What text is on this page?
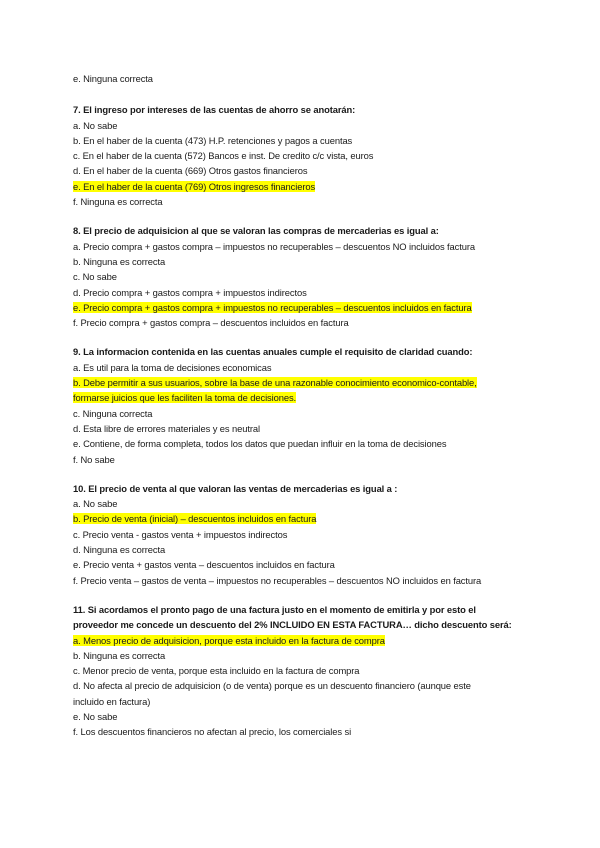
e. Ninguna correcta
7. El ingreso por intereses de las cuentas de ahorro se anotarán:
a. No sabe
b. En el haber de la cuenta (473) H.P. retenciones y pagos a cuentas
c. En el haber de la cuenta (572) Bancos e inst. De credito c/c vista, euros
d. En el haber de la cuenta (669) Otros gastos financieros
e. En el haber de la cuenta (769) Otros ingresos financieros
f. Ninguna es correcta
8. El precio de adquisicion al que se valoran las compras de mercaderias es igual a:
a. Precio compra + gastos compra – impuestos no recuperables – descuentos NO incluidos factura
b. Ninguna es correcta
c. No sabe
d. Precio compra + gastos compra + impuestos indirectos
e. Precio compra + gastos compra + impuestos no recuperables – descuentos incluidos en factura
f. Precio compra + gastos compra – descuentos incluidos en factura
9. La informacion contenida en las cuentas anuales cumple el requisito de claridad cuando:
a. Es util para la toma de decisiones economicas
b. Debe permitir a sus usuarios, sobre la base de una razonable conocimiento economico-contable,
formarse juicios que les faciliten la toma de decisiones.
c. Ninguna correcta
d. Esta libre de errores materiales y es neutral
e. Contiene, de forma completa, todos los datos que puedan influir en la toma de decisiones
f. No sabe
10. El precio de venta al que valoran las ventas de mercaderias es igual a :
a. No sabe
b. Precio de venta (inicial) – descuentos incluidos en factura
c. Precio venta - gastos venta + impuestos indirectos
d. Ninguna es correcta
e. Precio venta + gastos venta – descuentos incluidos en factura
f. Precio venta – gastos de venta – impuestos no recuperables – descuentos NO incluidos en factura
11. Si acordamos el pronto pago de una factura justo en el momento de emitirla y por esto el
proveedor me concede un descuento del 2% INCLUIDO EN ESTA FACTURA… dicho descuento será:
a. Menos precio de adquisicion, porque esta incluido en la factura de compra
b. Ninguna es correcta
c. Menor precio de venta, porque esta incluido en la factura de compra
d. No afecta al precio de adquisicion (o de venta) porque es un descuento financiero (aunque este
incluido en factura)
e. No sabe
f. Los descuentos financieros no afectan al precio, los comerciales si
